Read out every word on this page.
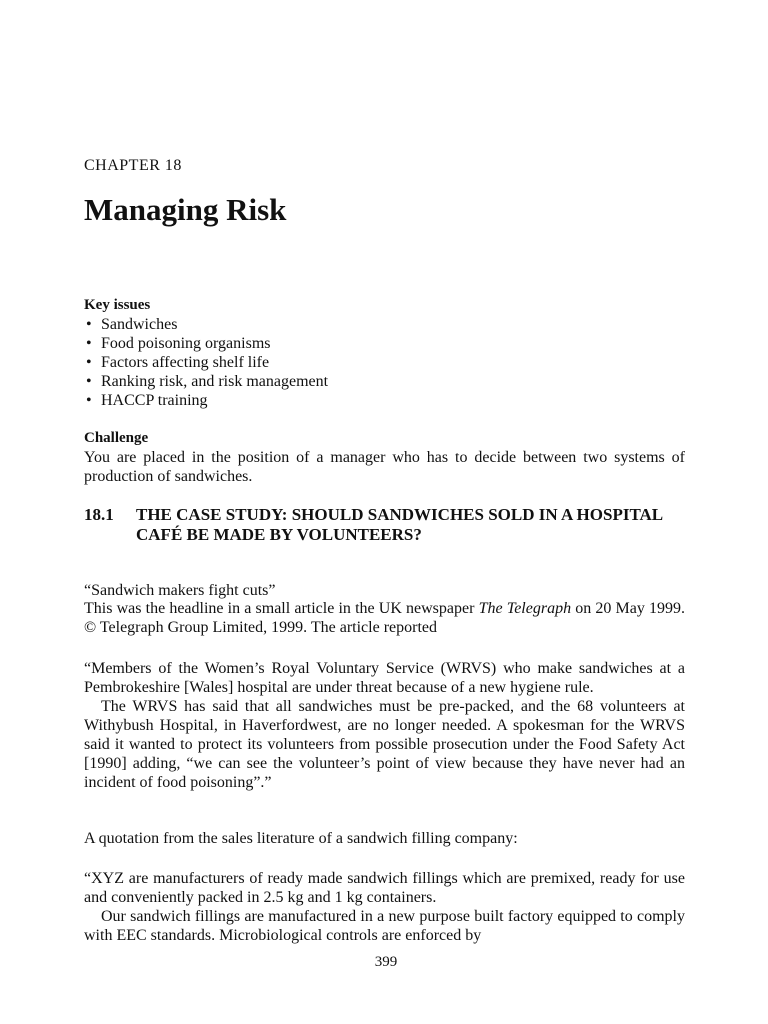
CHAPTER 18
Managing Risk
Key issues
• Sandwiches
• Food poisoning organisms
• Factors affecting shelf life
• Ranking risk, and risk management
• HACCP training
Challenge

You are placed in the position of a manager who has to decide between two systems of production of sandwiches.

18.1 THE CASE STUDY: SHOULD SANDWICHES SOLD IN A HOSPITAL CAFÉ BE MADE BY VOLUNTEERS?

“Sandwich makers fight cuts”

This was the headline in a small article in the UK newspaper The Telegraph on 20 May 1999. © Telegraph Group Limited, 1999. The article reported

“Members of the Women’s Royal Voluntary Service (WRVS) who make sandwiches at a Pembrokeshire [Wales] hospital are under threat because of a new hygiene rule.

The WRVS has said that all sandwiches must be pre-packed, and the 68 volunteers at Withybush Hospital, in Haverfordwest, are no longer needed. A spokesman for the WRVS said it wanted to protect its volunteers from possible prosecution under the Food Safety Act [1990] adding, “we can see the volunteer’s point of view because they have never had an incident of food poisoning”.”

A quotation from the sales literature of a sandwich filling company:

“XYZ are manufacturers of ready made sandwich fillings which are premixed, ready for use and conveniently packed in 2.5 kg and 1 kg containers.

Our sandwich fillings are manufactured in a new purpose built factory equipped to comply with EEC standards. Microbiological controls are enforced by

399
